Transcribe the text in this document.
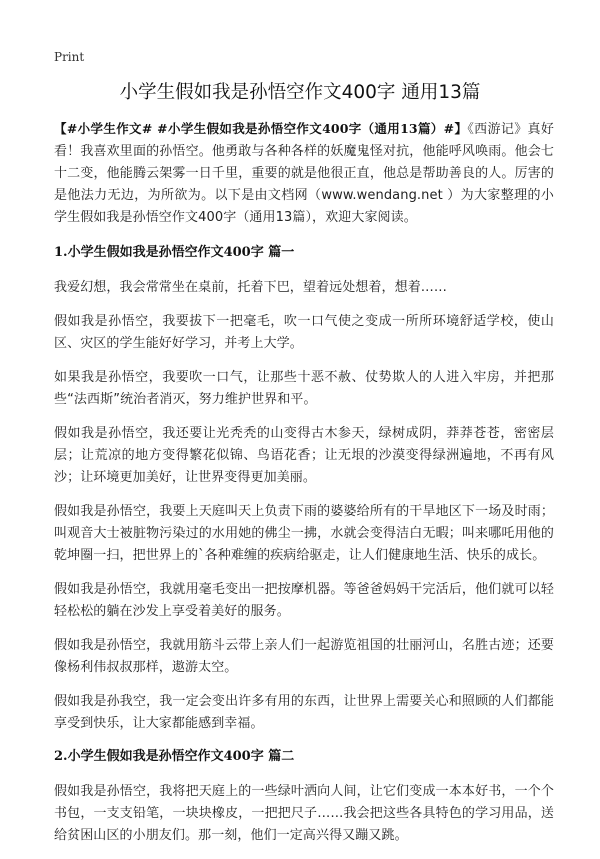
Print
小学生假如我是孙悟空作文400字 通用13篇

【#小学生作文# #小学生假如我是孙悟空作文400字（通用13篇）#】《西游记》真好看！我喜欢里面的孙悟空。他勇敢与各种各样的妖魔鬼怪对抗，他能呼风唤雨。他会七十二变，他能腾云架雾一日千里，重要的就是他很正直，他总是帮助善良的人。厉害的是他法力无边，为所欲为。以下是由文档网（www.wendang.net ）为大家整理的小学生假如我是孙悟空作文400字（通用13篇），欢迎大家阅读。

1.小学生假如我是孙悟空作文400字 篇一

我爱幻想，我会常常坐在桌前，托着下巴，望着远处想着，想着……

假如我是孙悟空，我要拔下一把毫毛，吹一口气使之变成一所所环境舒适学校，使山区、灾区的学生能好好学习，并考上大学。

如果我是孙悟空，我要吹一口气，让那些十恶不赦、仗势欺人的人进入牢房，并把那些“法西斯”统治者消灭，努力维护世界和平。

假如我是孙悟空，我还要让光秃秃的山变得古木参天，绿树成阴，莽莽苍苍，密密层层；让荒凉的地方变得繁花似锦、鸟语花香；让无垠的沙漠变得绿洲遍地，不再有风沙；让环境更加美好，让世界变得更加美丽。

假如我是孙悟空，我要上天庭叫天上负责下雨的婆婆给所有的干旱地区下一场及时雨；叫观音大士被脏物污染过的水用她的佛尘一拂，水就会变得洁白无暇；叫来哪吒用他的乾坤圈一扫，把世界上的`各种难缠的疾病给驱走，让人们健康地生活、快乐的成长。

假如我是孙悟空，我就用毫毛变出一把按摩机器。等爸爸妈妈干完活后，他们就可以轻轻松松的躺在沙发上享受着美好的服务。

假如我是孙悟空，我就用筋斗云带上亲人们一起游览祖国的壮丽河山，名胜古迹；还要像杨利伟叔叔那样，遨游太空。

假如我是孙我空，我一定会变出许多有用的东西，让世界上需要关心和照顾的人们都能享受到快乐，让大家都能感到幸福。

2.小学生假如我是孙悟空作文400字 篇二

假如我是孙悟空，我将把天庭上的一些绿叶洒向人间，让它们变成一本本好书，一个个书包，一支支铅笔，一块块橡皮，一把把尺子……我会把这些各具特色的学习用品，送给贫困山区的小朋友们。那一刻，他们一定高兴得又蹦又跳。
